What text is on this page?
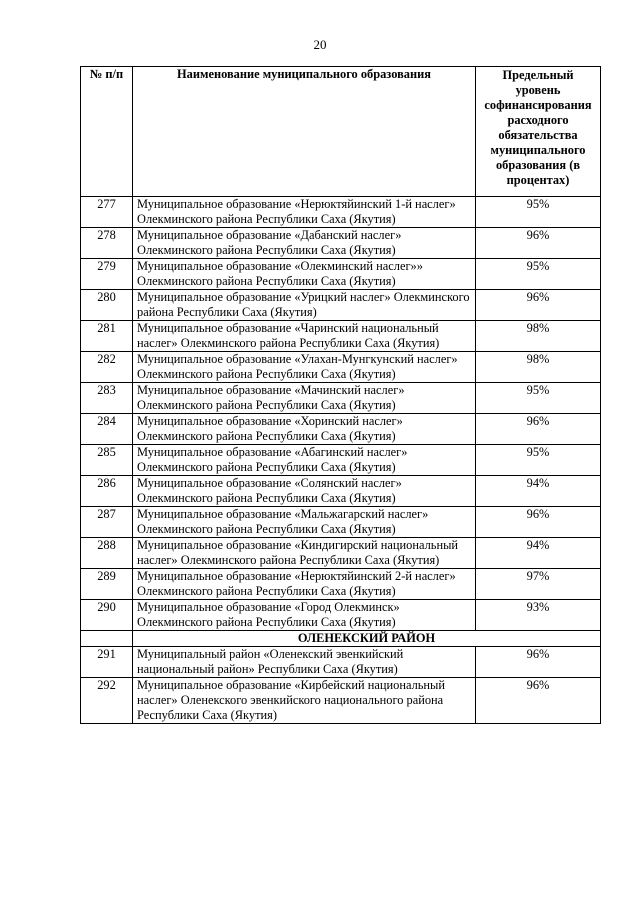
20
№ п/п	Наименование муниципального образования	Предельный уровень софинансирования расходного обязательства муниципального образования (в процентах)
277	Муниципальное образование «Нерюктяйинский 1-й наслег» Олекминского района Республики Саха (Якутия)	95%
278	Муниципальное образование «Дабанский наслег» Олекминского района Республики Саха (Якутия)	96%
279	Муниципальное образование «Олекминский наслег»» Олекминского района Республики Саха (Якутия)	95%
280	Муниципальное образование «Урицкий наслег» Олекминского района Республики Саха (Якутия)	96%
281	Муниципальное образование «Чаринский национальный наслег» Олекминского района Республики Саха (Якутия)	98%
282	Муниципальное образование «Улахан-Мунгкунский наслег» Олекминского района Республики Саха (Якутия)	98%
283	Муниципальное образование «Мачинский наслег» Олекминского района Республики Саха (Якутия)	95%
284	Муниципальное образование «Хоринский наслег» Олекминского района Республики Саха (Якутия)	96%
285	Муниципальное образование «Абагинский наслег» Олекминского района Республики Саха (Якутия)	95%
286	Муниципальное образование «Солянский наслег» Олекминского района Республики Саха (Якутия)	94%
287	Муниципальное образование «Мальжагарский наслег» Олекминского района Республики Саха (Якутия)	96%
288	Муниципальное образование «Киндигирский национальный наслег» Олекминского района Республики Саха (Якутия)	94%
289	Муниципальное образование «Нерюктяйинский 2-й наслег» Олекминского района Республики Саха (Якутия)	97%
290	Муниципальное образование «Город Олекминск» Олекминского района Республики Саха (Якутия)	93%
	ОЛЕНЕКСКИЙ РАЙОН	
291	Муниципальный район «Оленекский эвенкийский национальный район» Республики Саха (Якутия)	96%
292	Муниципальное образование «Кирбейский национальный наслег» Оленекского эвенкийского национального района Республики Саха (Якутия)	96%
